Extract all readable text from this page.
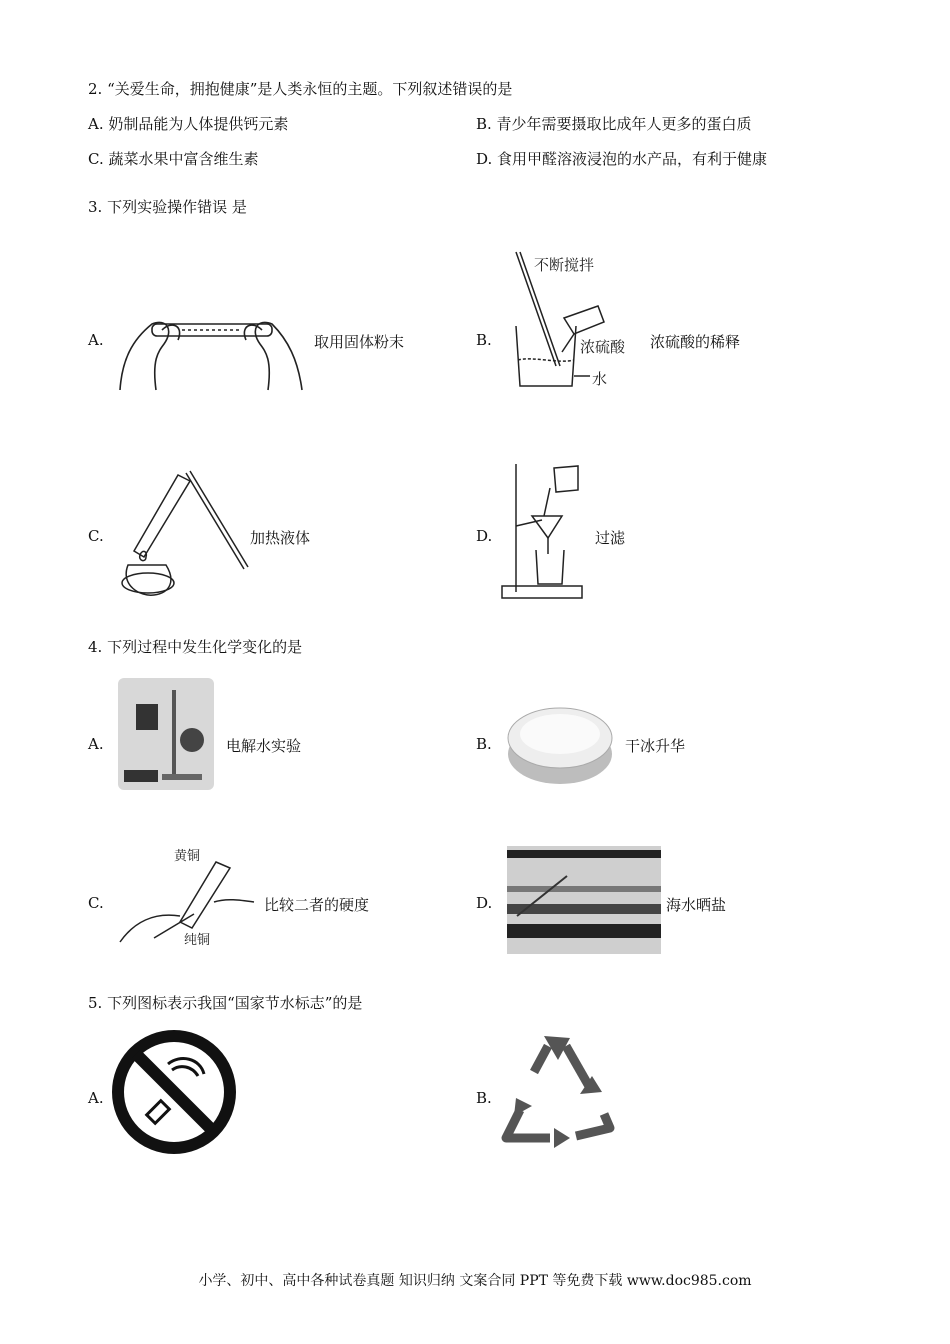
2. “关爱生命，拥抱健康”是人类永恒的主题。下列叙述错误的是
A. 奶制品能为人体提供钙元素	B. 青少年需要摄取比成年人更多的蛋白质
C. 蔬菜水果中富含维生素	D. 食用甲醛溶液浸泡的水产品，有利于健康
3. 下列实验操作错误 是
A.	取用固体粉末	B.
不断搅拌
浓硫酸
水
浓硫酸的稀释
C.	加热液体	D.	过滤
4. 下列过程中发生化学变化的是
A.	电解水实验	B.	干冰升华
C.
黄铜
纯铜
比较二者的硬度	D.	海水晒盐
5. 下列图标表示我国“国家节水标志”的是
A.	B.
小学、初中、高中各种试卷真题 知识归纳 文案合同 PPT 等免费下载 www.doc985.com
